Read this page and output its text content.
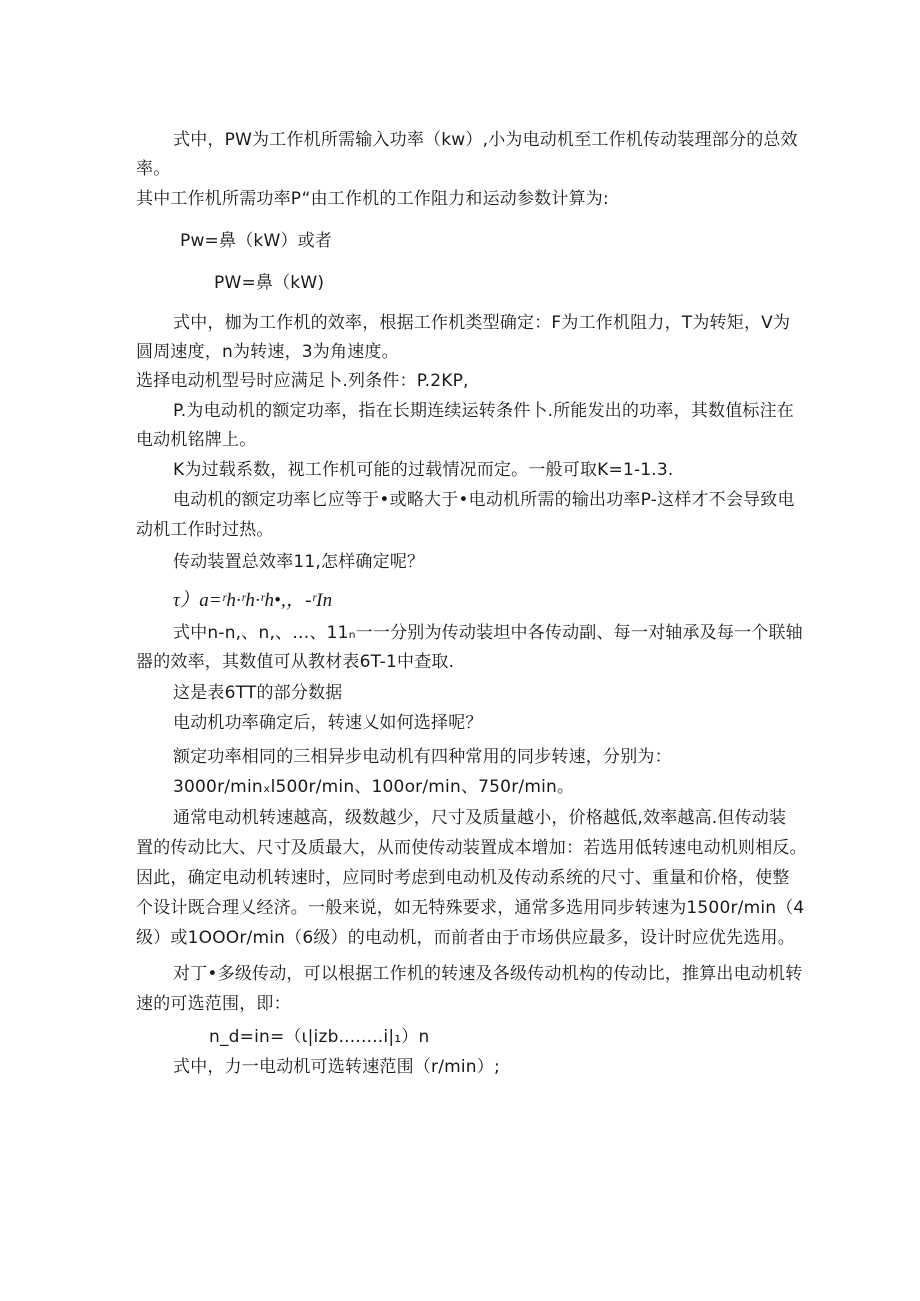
式中，PW为工作机所需输入功率（kw）,小为电动机至工作机传动装理部分的总效
率。
其中工作机所需功率P“由工作机的工作阻力和运动参数计算为:
Pw=鼻（kW）或者
PW=鼻（kW)
式中，枷为工作机的效率，根据工作机类型确定：F为工作机阻力，T为转矩，V为
圆周速度，n为转速，3为角速度。
选择电动机型号时应满足卜.列条件：P.2KP,
P.为电动机的额定功率，指在长期连续运转条件卜.所能发出的功率，其数值标注在
电动机铭牌上。
K为过载系数，视工作机可能的过载情况而定。一般可取K=1-1.3.
电动机的额定功率匕应等于•或略大于•电动机所需的输出功率P-这样才不会导致电
动机工作时过热。
传动装置总效率11,怎样确定呢？
τ）a=ʳh·ʳh·ʳh•,，-ʳIn
式中n-n,、n,、…、11ₙ一一分别为传动装坦中各传动副、每一对轴承及每一个联轴
器的效率，其数值可从教材表6T-1中查取.
这是表6TT的部分数据
电动机功率确定后，转速乂如何选择呢？
额定功率相同的三相异步电动机有四种常用的同步转速，分别为：
3000r/minₓl500r/min、100or/min、750r/min。
通常电动机转速越高，级数越少，尺寸及质量越小，价格越低,效率越高.但传动装
置的传动比大、尺寸及质最大，从而使传动装置成本增加：若选用低转速电动机则相反。
因此，确定电动机转速时，应同时考虑到电动机及传动系统的尺寸、重量和价格，使整
个设计既合理乂经济。一般来说，如无特殊要求，通常多选用同步转速为1500r/min（4
级）或1OOOr/min（6级）的电动机，而前者由于市场供应最多，设计时应优先选用。
对丁•多级传动，可以根据工作机的转速及各级传动机构的传动比，推算出电动机转
速的可选范围，即：
n_d=in=（ι|izb........i|₁）n
式中，力一电动机可选转速范围（r/min）;
